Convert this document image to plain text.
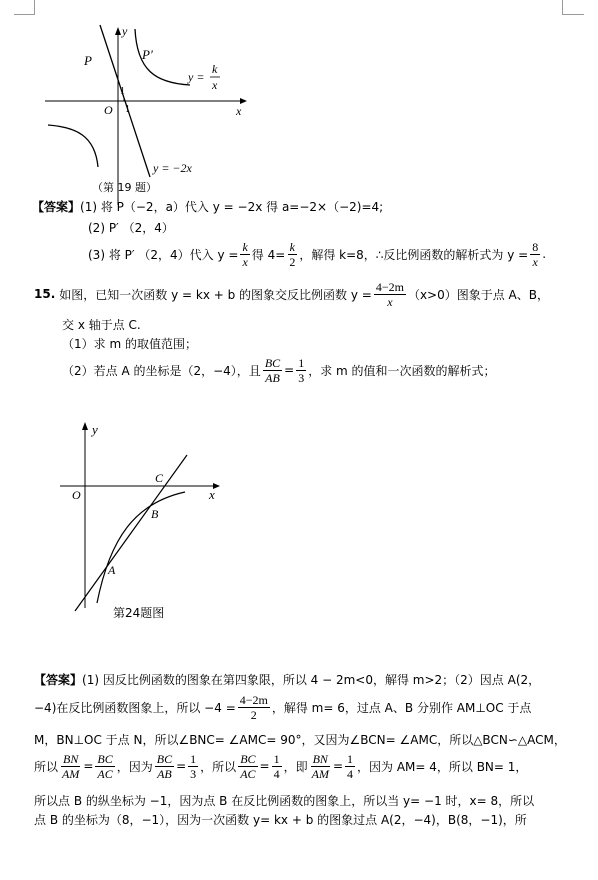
y
x
O
1
1
P	P′
y =
k
x
y = −2x
（第 19 题）
【答案】(1) 将 P（−2，a）代入 y = −2x 得 a=−2×（−2)=4;
(2) P′ （2，4）
(3) 将 P′ （2，4）代入 $y = \frac{k}{x}$ 得 $4= \frac{k}{2}$ ，解得 k=8，∴反比例函数的解析式为 $y = \frac{8}{x}$ .
15. 如图，已知一次函数 y = kx + b 的图象交反比例函数 $y = \frac{4-2m}{x} (x>0)$图象于点 A、B，
交 x 轴于点 C.
（1）求 m 的取值范围；
（2）若点 A 的坐标是（2，−4），且 $\frac{BC}{AB} = \frac{1}{3}$ ，求 m 的值和一次函数的解析式；
y
x
O
C
B
A
第24题图
【答案】(1) 因反比例函数的图象在第四象限，所以 4 − 2m<0，解得 m>2；（2）因点 A(2，
−4)在反比例函数图象上，所以 $-4 = \frac{4-2m}{2}$ ，解得 m= 6，过点 A、B 分别作 AM⊥OC 于点
M，BN⊥OC 于点 N，所以∠BNC= ∠AMC= 90°，又因为∠BCN= ∠AMC，所以△BCN∽△ACM，
所以 $\frac{BN}{AM} = \frac{BC}{AC}$ ，因为 $\frac{BC}{AB} = \frac{1}{3}$ ，所以 $\frac{BC}{AC} = \frac{1}{4}$ ，即 $\frac{BN}{AM} = \frac{1}{4}$ ，因为 AM= 4，所以 BN= 1，
所以点 B 的纵坐标为 −1，因为点 B 在反比例函数的图象上，所以当 y= −1 时，x= 8，所以
点 B 的坐标为（8，−1），因为一次函数 y= kx + b 的图象过点 A(2，−4)，B(8，−1)，所
